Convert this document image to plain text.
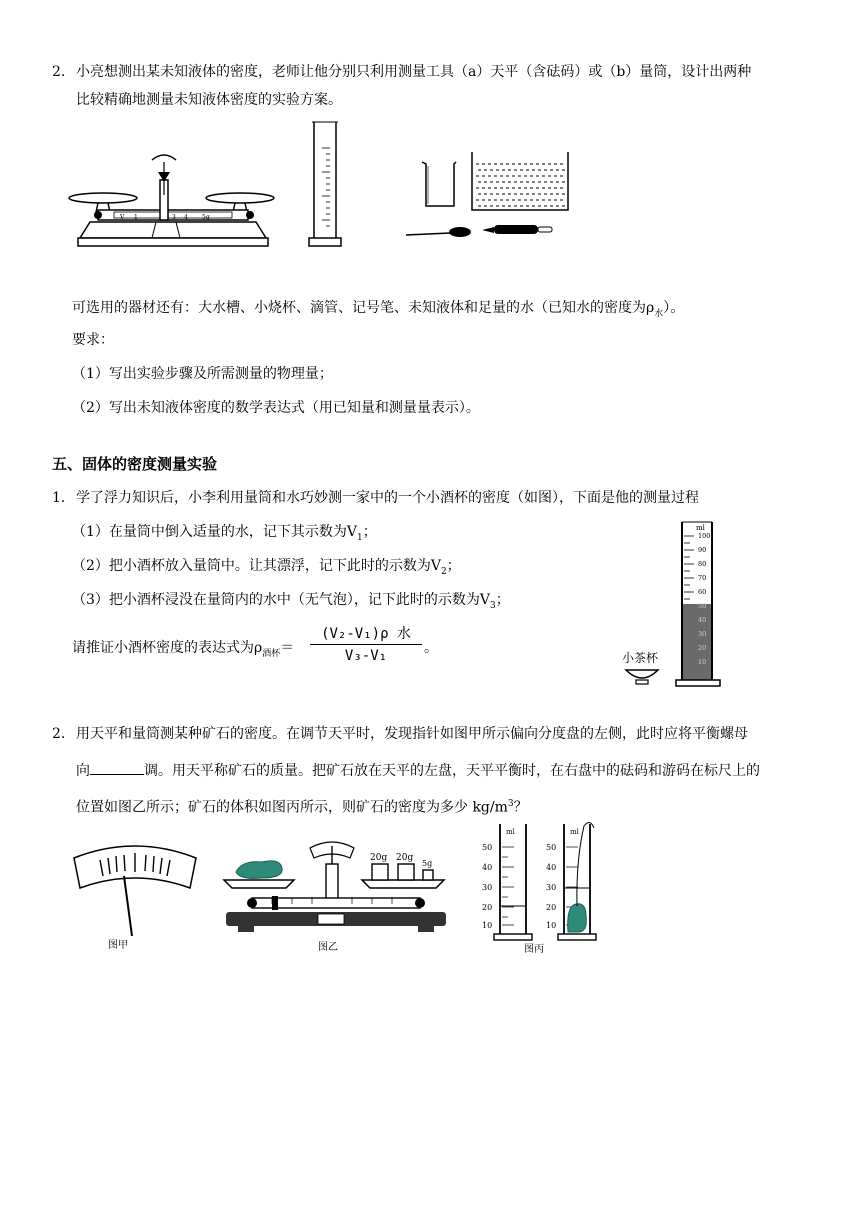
2． 小亮想测出某未知液体的密度，老师让他分别只利用测量工具（a）天平（含砝码）或（b）量筒，设计出两种
比较精确地测量未知液体密度的实验方案。
V 1	3 4 5g
可选用的器材还有：大水槽、小烧杯、滴管、记号笔、未知液体和足量的水（已知水的密度为$\rho_水$）。
要求：
（1）写出实验步骤及所需测量的物理量；
（2）写出未知液体密度的数学表达式（用已知量和测量量表示）。
五、固体的密度测量实验
1． 学了浮力知识后，小李利用量筒和水巧妙测一家中的一个小酒杯的密度（如图），下面是他的测量过程
（1）在量筒中倒入适量的水，记下其示数为$V_1$；
（2）把小酒杯放入量筒中。让其漂浮，记下此时的示数为$V_2$；
（3）把小酒杯浸没在量筒内的水中（无气泡），记下此时的示数为$V_3$；
请推证小酒杯密度的表达式为$\rho_{酒杯}=$
(V₂-V₁)ρ 水
V₃-V₁	。
ml
100
90
80
70
60
50
40
30
20
10
小茶杯
2． 用天平和量筒测某种矿石的密度。在调节天平时，发现指针如图甲所示偏向分度盘的左侧，此时应将平衡螺母
向	调。用天平称矿石的质量。把矿石放在天平的左盘，天平平衡时，在右盘中的砝码和游码在标尺上的
位置如图乙所示；矿石的体积如图丙所示，则矿石的密度为多少 $kg/m^3$？
图甲
20g 20g
5g
图乙
ml
50
40
30
20
10
ml
50
40
30
20
10
图丙
